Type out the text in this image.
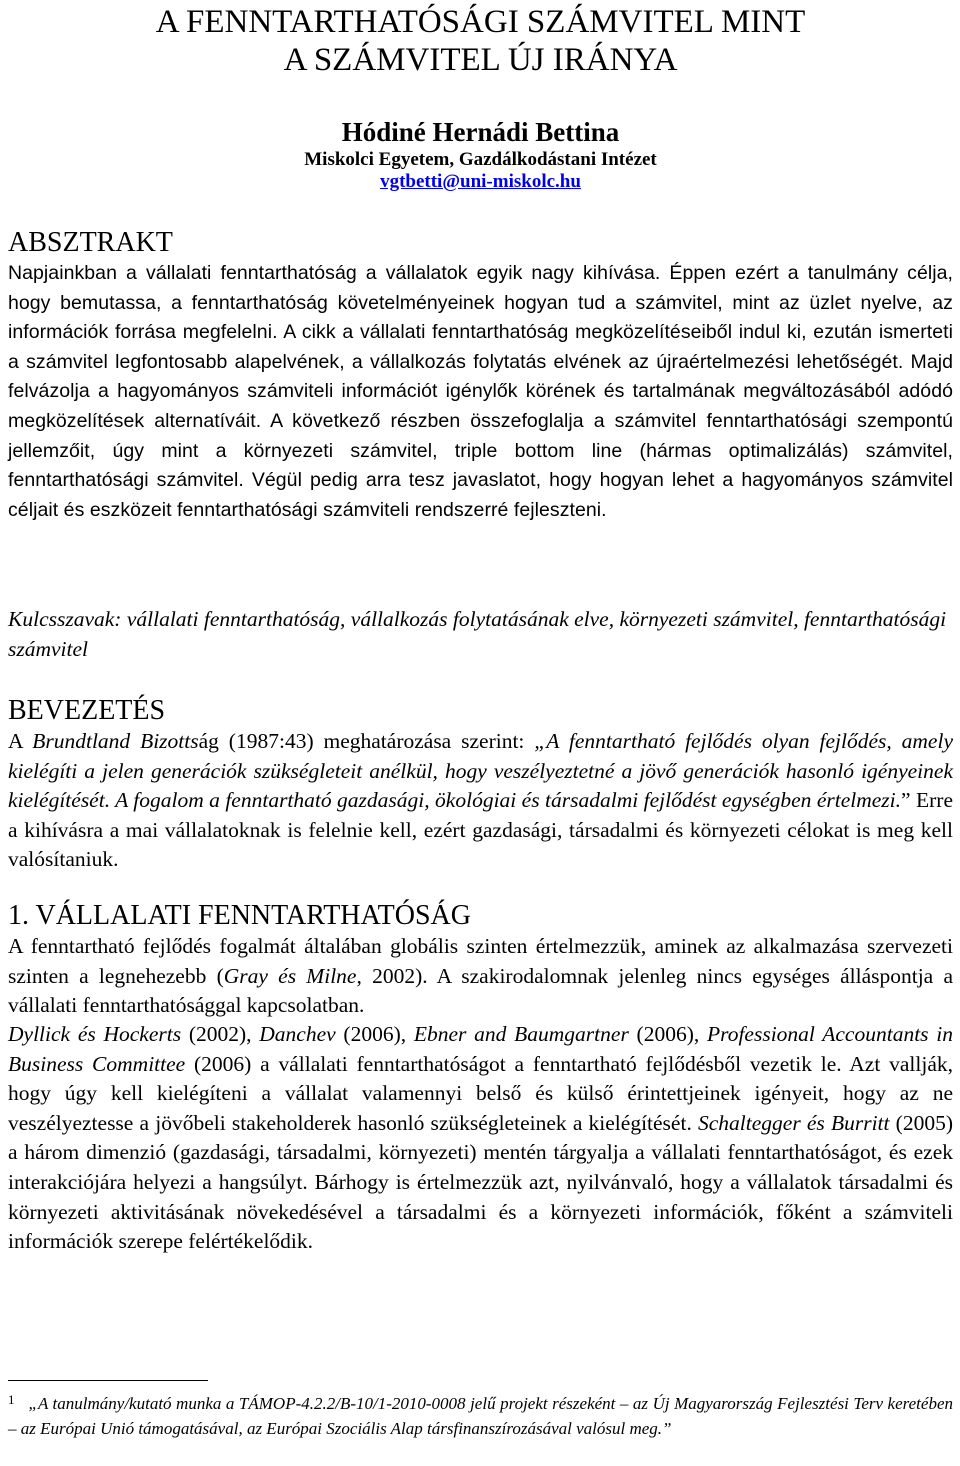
A FENNTARTHATÓSÁGI SZÁMVITEL MINT
A SZÁMVITEL ÚJ IRÁNYA
Hódiné Hernádi Bettina
Miskolci Egyetem, Gazdálkodástani Intézet
vgtbetti@uni-miskolc.hu
ABSZTRAKT

Napjainkban a vállalati fenntarthatóság a vállalatok egyik nagy kihívása. Éppen ezért a tanulmány célja, hogy bemutassa, a fenntarthatóság követelményeinek hogyan tud a számvitel, mint az üzlet nyelve, az információk forrása megfelelni. A cikk a vállalati fenntarthatóság megközelítéseiből indul ki, ezután ismerteti a számvitel legfontosabb alapelvének, a vállalkozás folytatás elvének az újraértelmezési lehetőségét. Majd felvázolja a hagyományos számviteli információt igénylők körének és tartalmának megváltozásából adódó megközelítések alternatíváit. A következő részben összefoglalja a számvitel fenntarthatósági szempontú jellemzőit, úgy mint a környezeti számvitel, triple bottom line (hármas optimalizálás) számvitel, fenntarthatósági számvitel. Végül pedig arra tesz javaslatot, hogy hogyan lehet a hagyományos számvitel céljait és eszközeit fenntarthatósági számviteli rendszerré fejleszteni.

Kulcsszavak: vállalati fenntarthatóság, vállalkozás folytatásának elve, környezeti számvitel, fenntarthatósági számvitel

BEVEZETÉS

A Brundtland Bizottság (1987:43) meghatározása szerint: „A fenntartható fejlődés olyan fejlődés, amely kielégíti a jelen generációk szükségleteit anélkül, hogy veszélyeztetné a jövő generációk hasonló igényeinek kielégítését. A fogalom a fenntartható gazdasági, ökológiai és társadalmi fejlődést egységben értelmezi.” Erre a kihívásra a mai vállalatoknak is felelnie kell, ezért gazdasági, társadalmi és környezeti célokat is meg kell valósítaniuk.

1. VÁLLALATI FENNTARTHATÓSÁG

A fenntartható fejlődés fogalmát általában globális szinten értelmezzük, aminek az alkalmazása szervezeti szinten a legnehezebb (Gray és Milne, 2002). A szakirodalomnak jelenleg nincs egységes álláspontja a vállalati fenntarthatósággal kapcsolatban.

Dyllick és Hockerts (2002), Danchev (2006), Ebner and Baumgartner (2006), Professional Accountants in Business Committee (2006) a vállalati fenntarthatóságot a fenntartható fejlődésből vezetik le. Azt vallják, hogy úgy kell kielégíteni a vállalat valamennyi belső és külső érintettjeinek igényeit, hogy az ne veszélyeztesse a jövőbeli stakeholderek hasonló szükségleteinek a kielégítését. Schaltegger és Burritt (2005) a három dimenzió (gazdasági, társadalmi, környezeti) mentén tárgyalja a vállalati fenntarthatóságot, és ezek interakciójára helyezi a hangsúlyt. Bárhogy is értelmezzük azt, nyilvánvaló, hogy a vállalatok társadalmi és környezeti aktivitásának növekedésével a társadalmi és a környezeti információk, főként a számviteli információk szerepe felértékelődik.

$^1$ „A tanulmány/kutató munka a TÁMOP-4.2.2/B-10/1-2010-0008 jelű projekt részeként – az Új Magyarország Fejlesztési Terv keretében – az Európai Unió támogatásával, az Európai Szociális Alap társfinanszírozásával valósul meg.”
